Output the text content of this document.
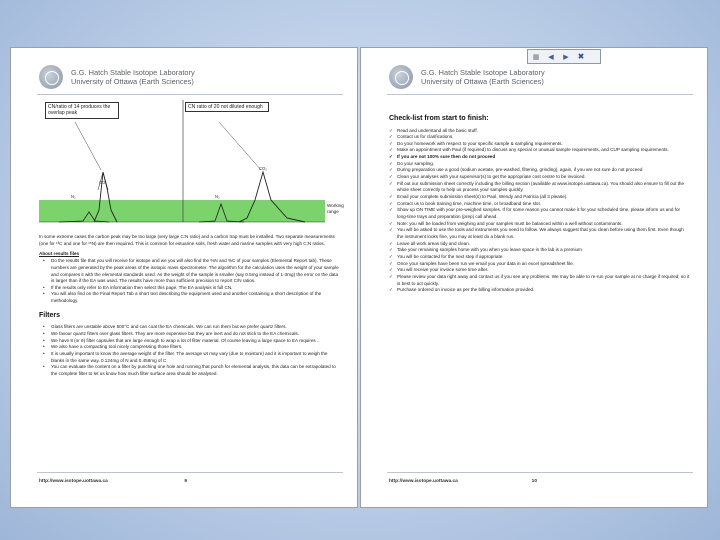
G.G. Hatch Stable Isotope Laboratory
University of Ottawa (Earth Sciences)
CN/ratio of 14 produces the overlap peak
CN ratio of 20 not diluted enough
N₂
CO₂
N₂
CO₂
Working range

In some extreme cases the carbon peak may be too large (very large C:N ratio) and a carbon trap must be installed. Two separate measurements (one for ¹³C and one for ¹⁵N) are then required. This is common for estuarine soils, fresh water and marine samples with very high C:N ratios.

About results files
• Do the results file that you will receive for isotope and we you will also find the %N and %C of your samples (Elemental Report tab). These numbers are generated by the peak areas of the isotopic mass spectrometer. The algorithm for the calculation uses the weight of your sample and compares it with the elemental standards used. As the weight of the sample is smaller (say 0.5mg instead of 1-3mg) the error on the data is larger than if the EA was used. The results have more than sufficient precision to report C/N ratios.
• If the results only refer to EA information then select this page. The EA analysis is full CN.
• You will also find on the Final Report Tab a short text describing the equipment used and another containing a short description of the methodology.
Filters
• Glass filters are unstable above 500°C and can coat the EA chemicals. We can run them but we prefer quartz filters.
• We favour quartz filters over glass filters. They are more expensive but they are inert and do not stick to the EA chemicals.
• We have 8 (or 9) filter capsules that are large enough to wrap a lot of filter material. Of course leaving a large space to EA requires ..
• We also have a compacting tool nicely compressing those filters.
• It is usually important to know the average weight of the filter. The average wt may vary (due to moisture) and it is important to weigh the blanks in the same way. 0.124mg of N and 0.458mg of C.
• You can evaluate the content on a filter by punching one hole and running that punch for elemental analysis, this data can be extrapolated to the complete filter to let us know how much filter surface area should be analysed.
http://www.isotope.uottawa.ca	9
G.G. Hatch Stable Isotope Laboratory
University of Ottawa (Earth Sciences)
Check-list from start to finish:
✓ Read and understand all the basic stuff.
✓ Contact us for clarifications.
✓ Do your homework with respect to your specific sample & sampling requirements.
✓ Make an appointment with Paul (if required) to discuss any special or unusual sample requirements, and CUP sampling requirements.
✓ If you are not 100% sure then do not proceed
✓ Do your sampling.
✓ During preparation use a good (sodium acetate, pre-washed, filtering, grinding), again, if you are not sure do not proceed
✓ Clean your analyses with your supervisor(s) to get the appropriate cost centre to be invoiced.
✓ Fill out our submission sheet correctly including the billing section (available at www.isotope.uottawa.ca). You should also ensure to fill out the whole sheet correctly to help us process your samples quickly.
✓ Email your complete submission sheet(s) to Paul, Wendy and Patricia (all 3 please).
✓ Contact us to book training time, machine time, or broadband time slot.
✓ Show up ON TIME with your pre-weighed samples. If for some reason you cannot make it for your scheduled time, please inform us and for long-time trays and preparation (prep) call ahead.
✓ Note: you will be loaded from weighing and your samples must be balanced within a well without contaminants.
✓ You will be asked to use the tools and instruments you need to follow. We always suggest that you clean before using them first. Even though the instrument looks fine, you may at least do a blank run.
✓ Leave all work areas tidy and clean.
✓ Take your remaining samples home with you when you leave space in the lab is a premium.
✓ You will be contacted for the next step if appropriate.
✓ Once your samples have been run we email you your data in an excel spreadsheet file.
✓ You will receive your invoice some time after.
✓ Please review your data right away and contact us if you see any problems. We may be able to re-run your sample at no charge if required; so it is best to act quickly.
✓ Purchase ordered on invoice as per the billing information provided.
http://www.isotope.uottawa.ca	10
▦	◀	▶	✖
